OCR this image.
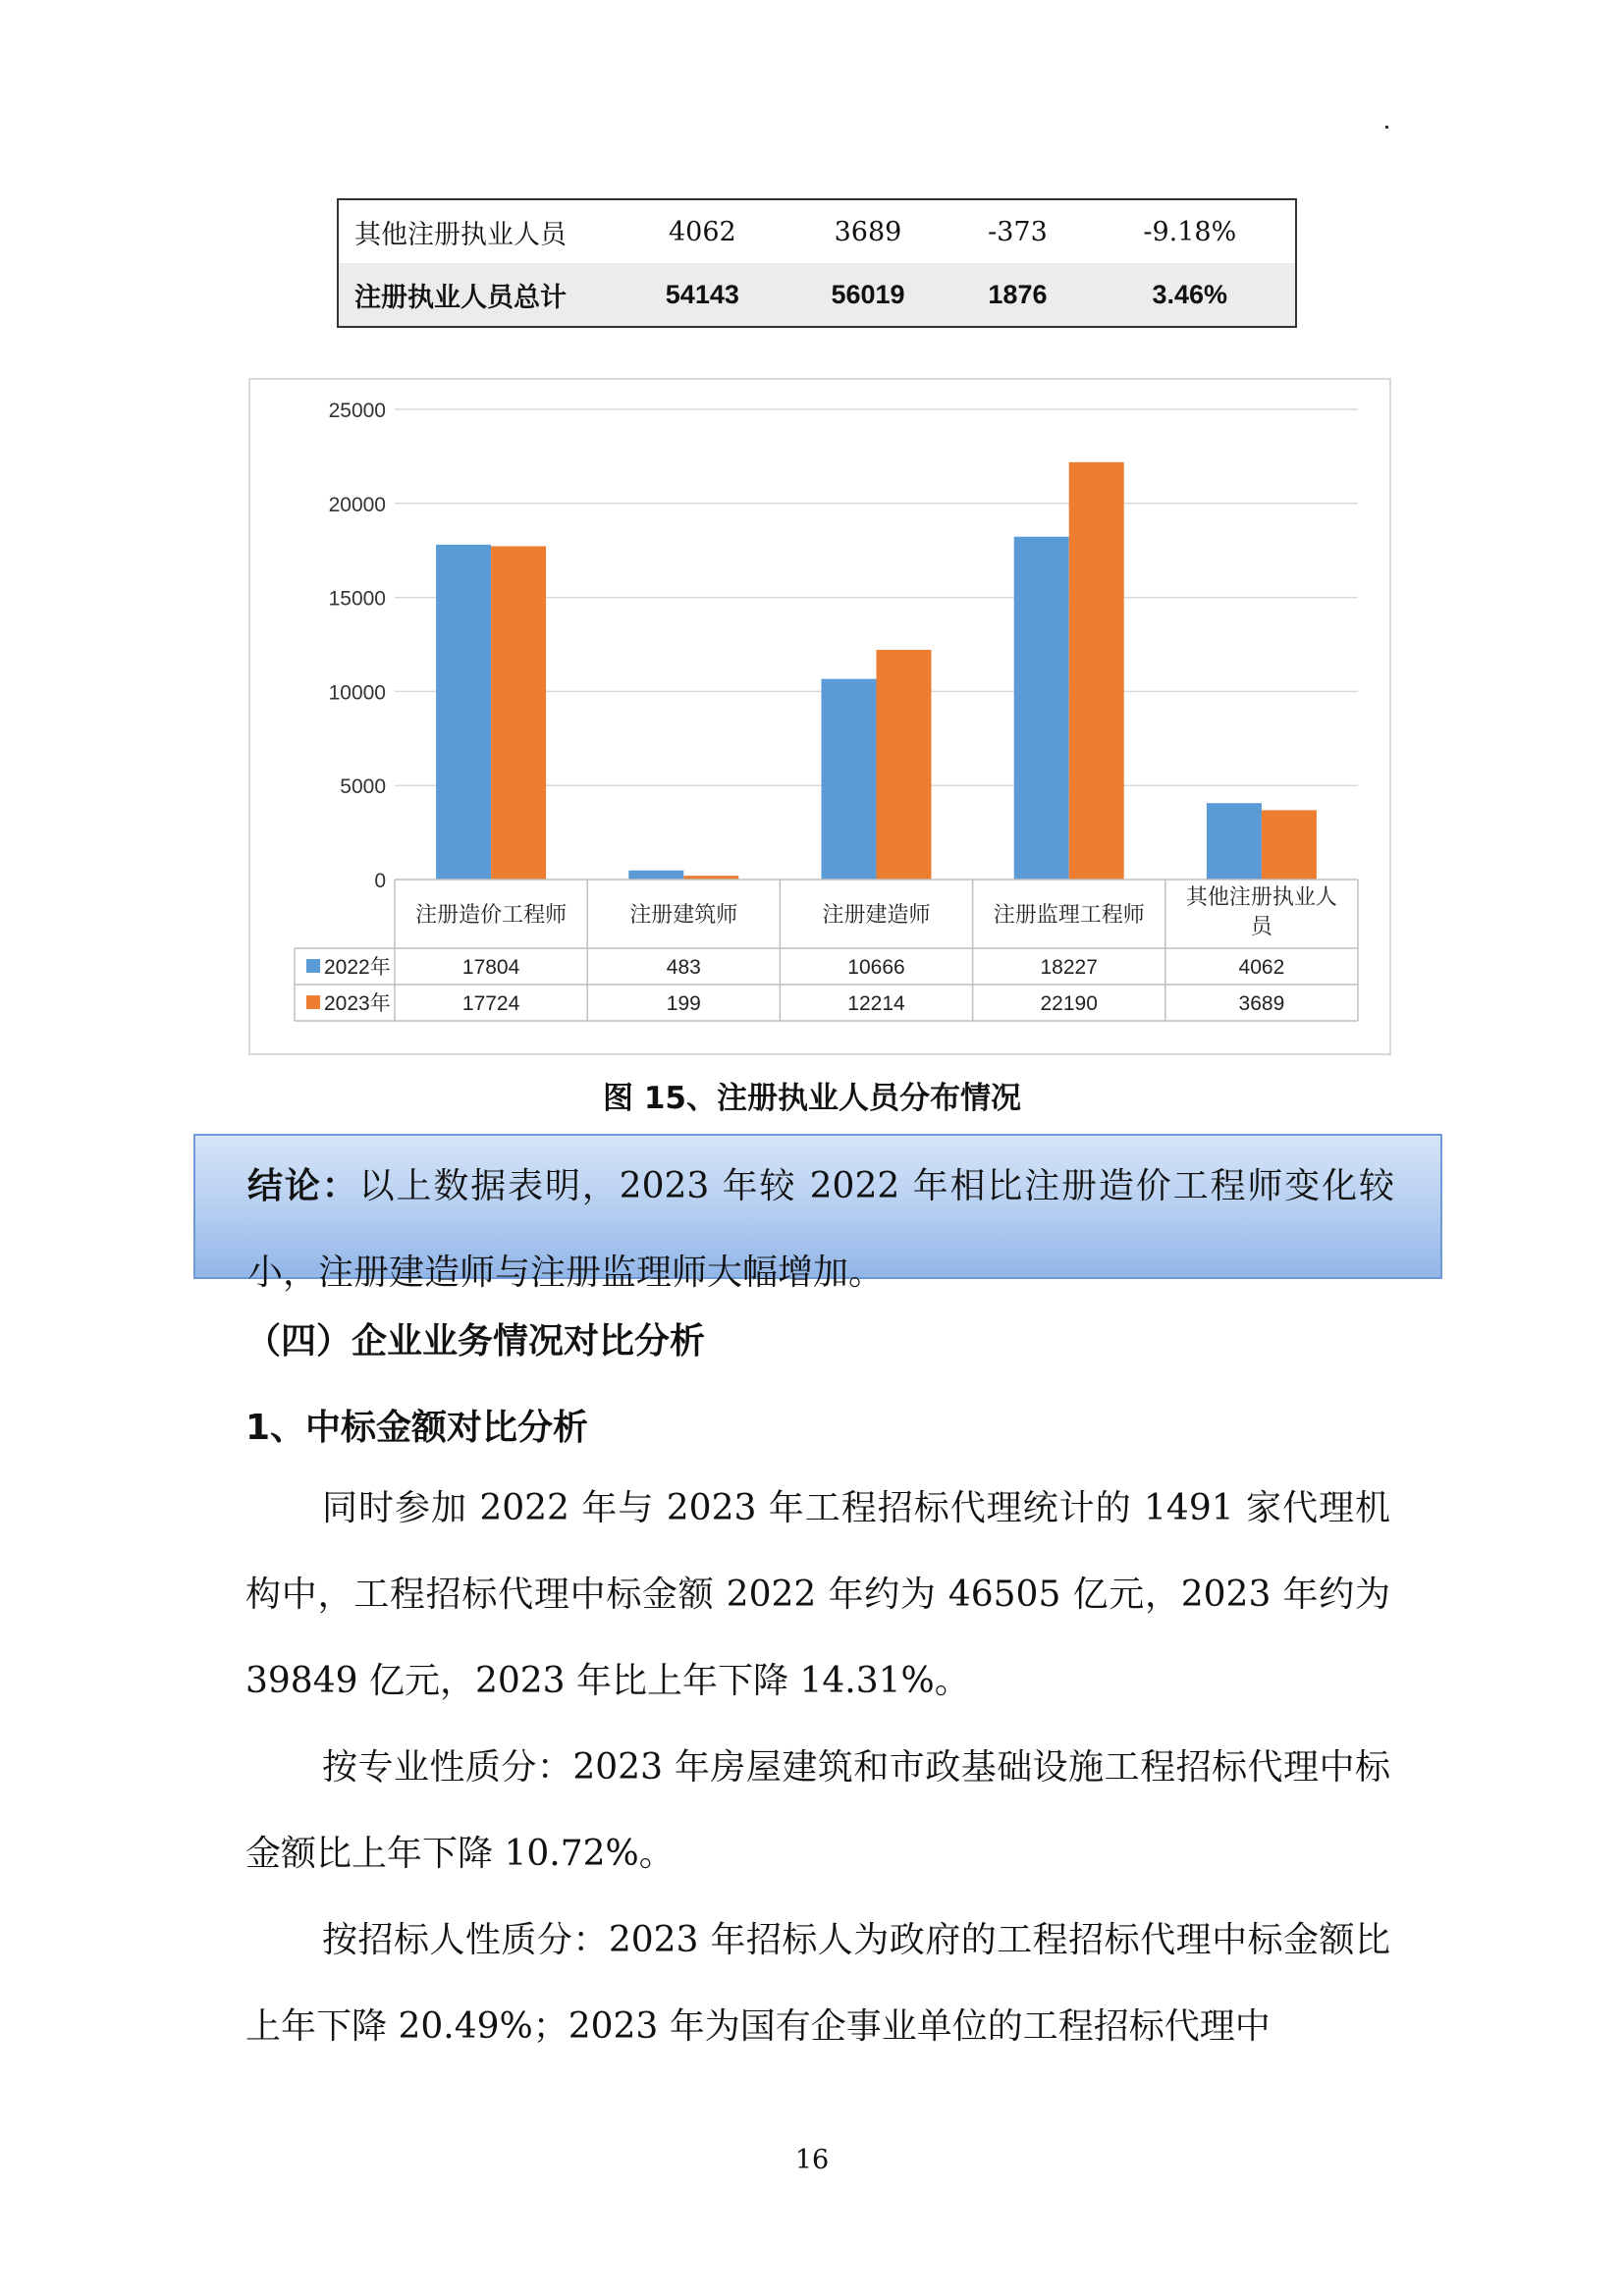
其他注册执业人员	4062	3689	-373	-9.18%
注册执业人员总计	54143	56019	1876	3.46%
0
5000
10000
15000
20000
25000
注册造价工程师	注册建筑师	注册建造师	注册监理工程师
其他注册执业人
员
2022年	17804	483	10666	18227	4062
2023年	17724	199	12214	22190	3689
图 15、注册执业人员分布情况

结论：以上数据表明，2023 年较 2022 年相比注册造价工程师变化较小，注册建造师与注册监理师大幅增加。

（四）企业业务情况对比分析
1、中标金额对比分析

同时参加 2022 年与 2023 年工程招标代理统计的 1491 家代理机构中，工程招标代理中标金额 2022 年约为 46505 亿元，2023 年约为 39849 亿元，2023 年比上年下降 14.31%。

按专业性质分：2023 年房屋建筑和市政基础设施工程招标代理中标金额比上年下降 10.72%。

按招标人性质分：2023 年招标人为政府的工程招标代理中标金额比上年下降 20.49%；2023 年为国有企事业单位的工程招标代理中

16
